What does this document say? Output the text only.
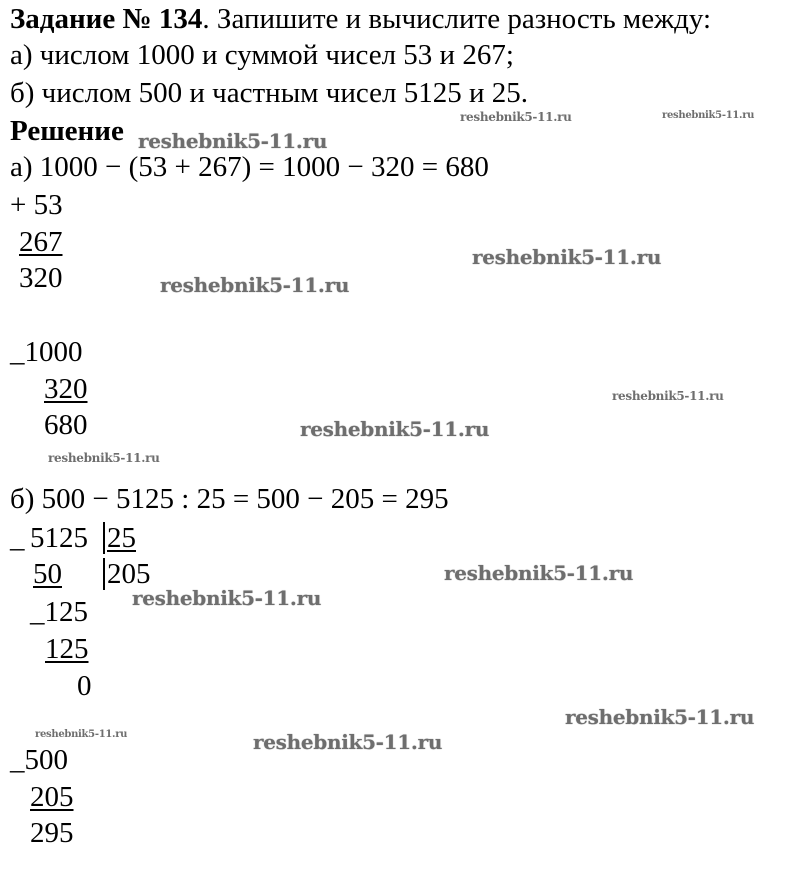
Задание № 134. Запишите и вычислите разность между:
а) числом 1000 и суммой чисел 53 и 267;
б) числом 500 и частным чисел 5125 и 25.
Решение
а) 1000 − (53 + 267) = 1000 − 320 = 680
+ 53
267
320
_1000
320
680
б) 500 − 5125 : 25 = 500 − 205 = 295
_ 5125 25
50 205
_125
125
0
_500
205
295
reshebnik5-11.ru	reshebnik5-11.ru
reshebnik5-11.ru
reshebnik5-11.ru
reshebnik5-11.ru
reshebnik5-11.ru
reshebnik5-11.ru
reshebnik5-11.ru
reshebnik5-11.ru
reshebnik5-11.ru
reshebnik5-11.ru
reshebnik5-11.ru	reshebnik5-11.ru
